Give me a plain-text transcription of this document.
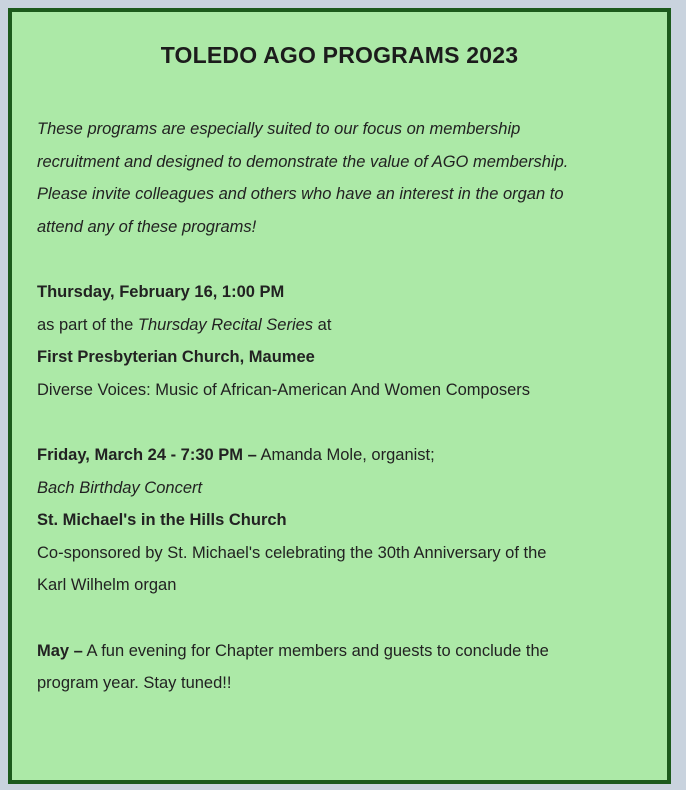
TOLEDO AGO PROGRAMS 2023
These programs are especially suited to our focus on membership
recruitment and designed to demonstrate the value of AGO membership.
Please invite colleagues and others who have an interest in the organ to
attend any of these programs!
Thursday, February 16, 1:00 PM
as part of the Thursday Recital Series at
First Presbyterian Church, Maumee
Diverse Voices: Music of African-American And Women Composers
Friday, March 24 - 7:30 PM – Amanda Mole, organist;
Bach Birthday Concert
St. Michael's in the Hills Church
Co-sponsored by St. Michael's celebrating the 30th Anniversary of the
Karl Wilhelm organ
May – A fun evening for Chapter members and guests to conclude the
program year. Stay tuned!!
